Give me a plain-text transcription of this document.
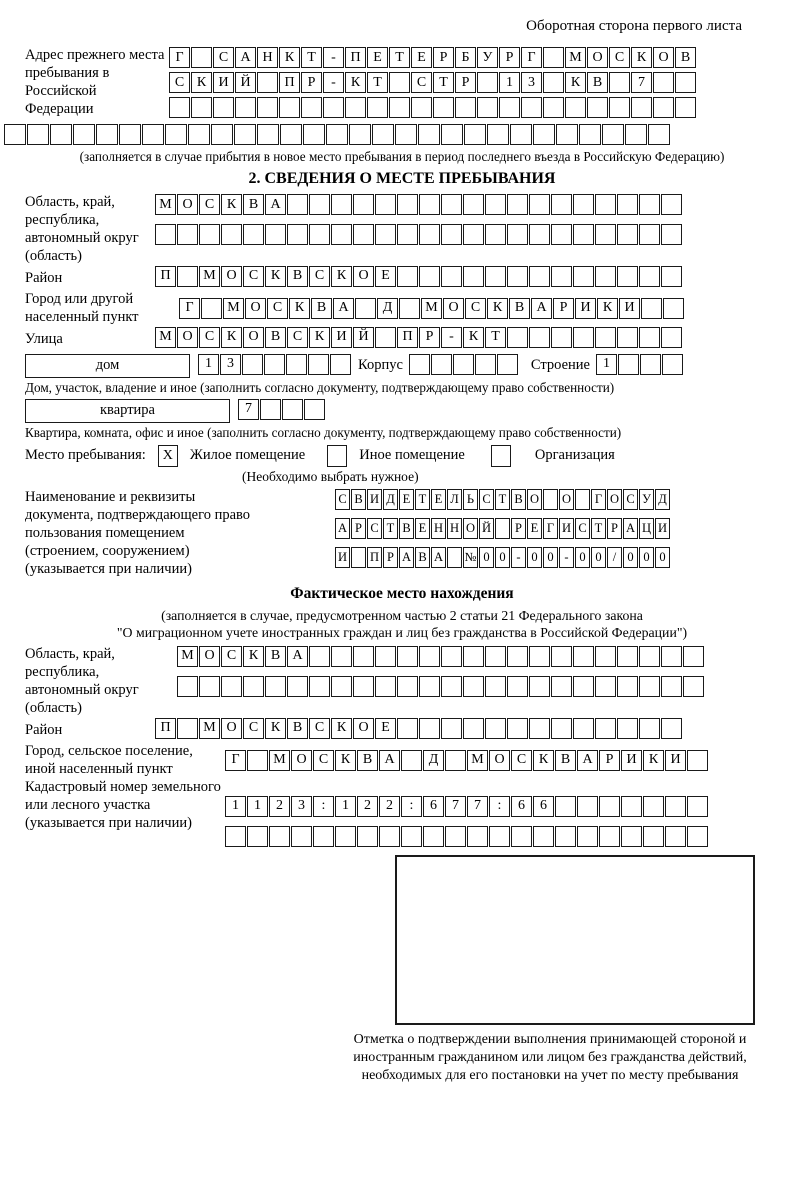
Оборотная сторона первого листа
Адрес прежнего места пребывания в Российской Федерации
Г	С А Н К Т	-	П Е Т Е Р	Б У Р	Г	М О С К О В
С К И Й	П Р	-	К Т	С Т Р	1	3	К В	7
(заполняется в случае прибытия в новое место пребывания в период последнего въезда в Российскую Федерацию)
2. СВЕДЕНИЯ О МЕСТЕ ПРЕБЫВАНИЯ
Область, край, республика, автономный округ (область)
М О С К В А
Район	П	М О С К В С К О Е
Город или другой населенный пункт
Г	М О С К В А	Д	М О С К В А Р И К И
Улица	М О С К О В С К И Й	П Р	-	К Т
дом	1	3	Корпус	Строение 1
Дом, участок, владение и иное (заполнить согласно документу, подтверждающему право собственности)
квартира	7
Квартира, комната, офис и иное (заполнить согласно документу, подтверждающему право собственности)
Место пребывания:	X	Жилое помещение	Иное помещение	Организация
(Необходимо выбрать нужное)
Наименование и реквизиты документа, подтверждающего право пользования помещением (строением, сооружением) (указывается при наличии)
С В И Д Е Т Е Л Ь С Т В О О	Г О С У Д
А Р С Т В Е Н Н О Й	Р Е Г И С Т Р А Ц И
И П Р А В А № 0 0 - 0 0 - 0 0 / 0 0 0
Фактическое место нахождения
(заполняется в случае, предусмотренном частью 2 статьи 21 Федерального закона
"О миграционном учете иностранных граждан и лиц без гражданства в Российской Федерации")
Область, край, республика, автономный округ (область)
М О С К В А
Район	П	М О С К В С К О Е
Город, сельское поселение, иной населенный пункт
Г	М О С К В А	Д	М О С К В А Р И К И
Кадастровый номер земельного или лесного участка (указывается при наличии)
1	1	2	3	:	1	2	2	:	6	7	7	:	6	6
Отметка о подтверждении выполнения принимающей стороной и иностранным гражданином или лицом без гражданства действий, необходимых для его постановки на учет по месту пребывания
